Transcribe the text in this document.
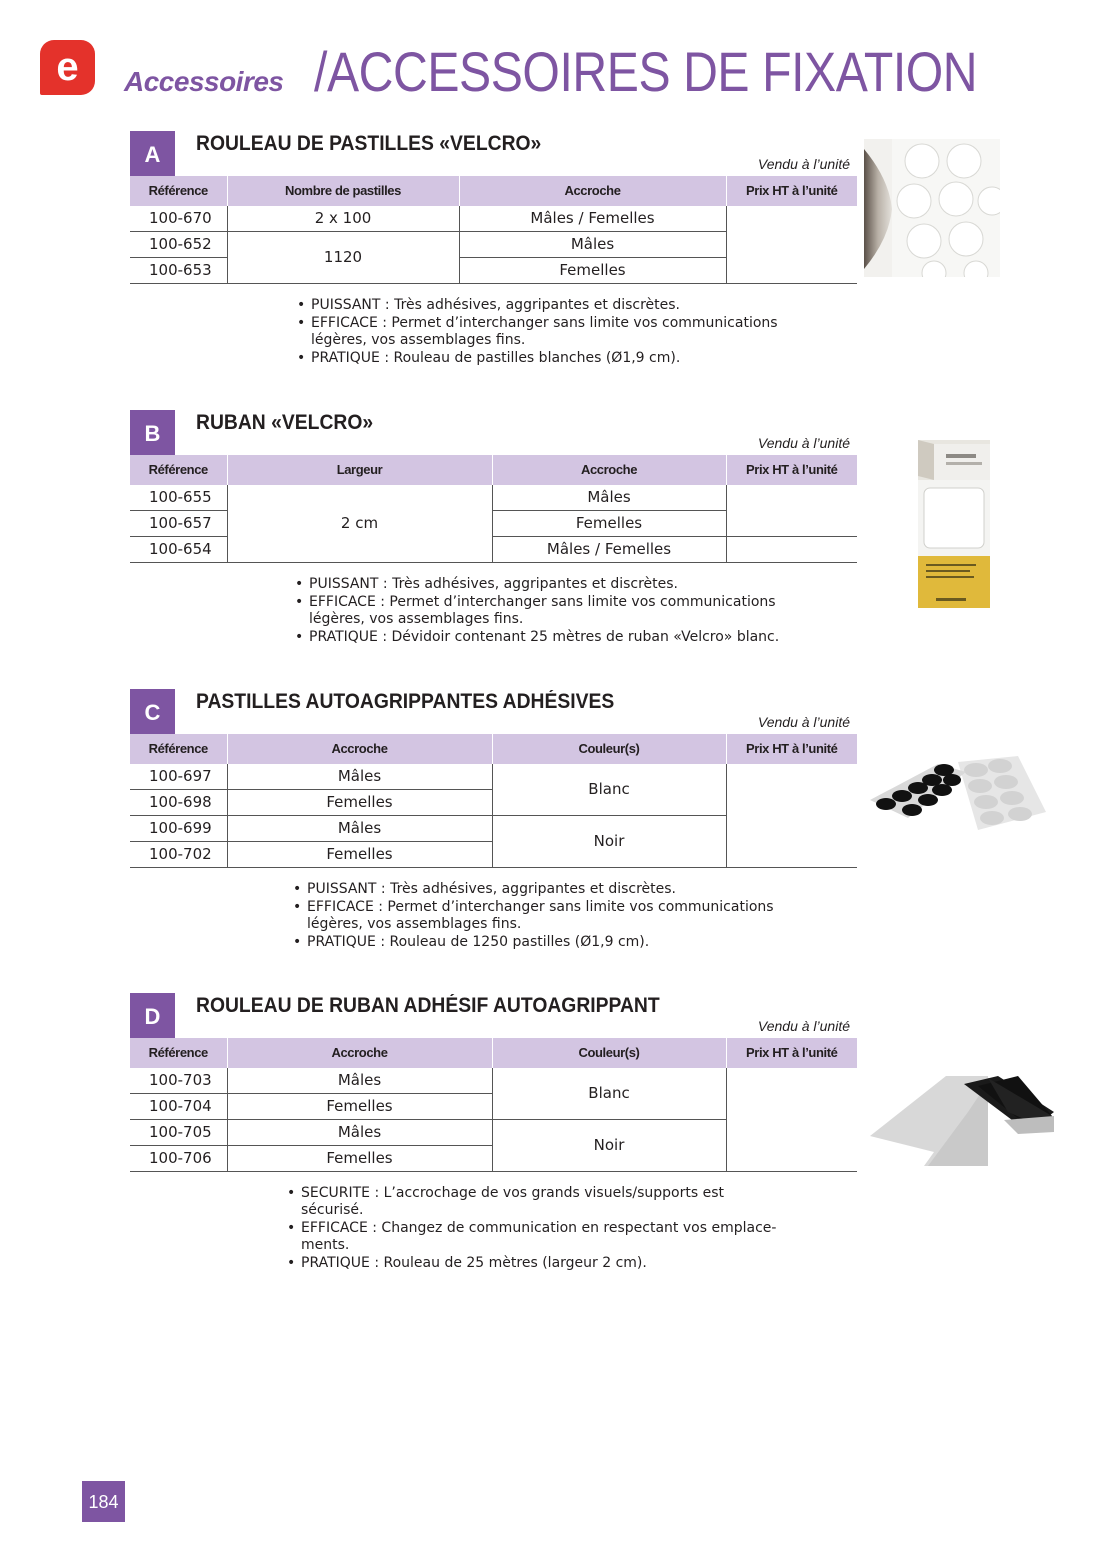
e	Accessoires /ACCESSOIRES DE FIXATION
A	ROULEAU DE PASTILLES «VELCRO»
Vendu à l’unité
Référence	Nombre de pastilles	Accroche	Prix HT à l’unité
100-670	2 x 100	Mâles / Femelles	
100-652	1120	Mâles	
100-653		Femelles	
• PUISSANT : Très adhésives, aggripantes et discrètes.
• EFFICACE : Permet d’interchanger sans limite vos communications légères, vos assemblages fins.
• PRATIQUE : Rouleau de pastilles blanches (Ø1,9 cm).
B	RUBAN «VELCRO»
Vendu à l’unité
Référence	Largeur	Accroche	Prix HT à l’unité
100-655	2 cm	Mâles	
100-657		Femelles	
100-654		Mâles / Femelles	
• PUISSANT : Très adhésives, aggripantes et discrètes.
• EFFICACE : Permet d’interchanger sans limite vos communications légères, vos assemblages fins.
• PRATIQUE : Dévidoir contenant 25 mètres de ruban «Velcro» blanc.
C	PASTILLES AUTOAGRIPPANTES ADHÉSIVES
Vendu à l’unité
Référence	Accroche	Couleur(s)	Prix HT à l’unité
100-697	Mâles	Blanc	
100-698	Femelles		
100-699	Mâles	Noir	
100-702	Femelles		
• PUISSANT : Très adhésives, aggripantes et discrètes.
• EFFICACE : Permet d’interchanger sans limite vos communications légères, vos assemblages fins.
• PRATIQUE : Rouleau de 1250 pastilles (Ø1,9 cm).
D	ROULEAU DE RUBAN ADHÉSIF AUTOAGRIPPANT
Vendu à l’unité
Référence	Accroche	Couleur(s)	Prix HT à l’unité
100-703	Mâles	Blanc	
100-704	Femelles		
100-705	Mâles	Noir	
100-706	Femelles		
• SECURITE : L’accrochage de vos grands visuels/supports est sécurisé.
• EFFICACE : Changez de communication en respectant vos emplace-ments.
• PRATIQUE : Rouleau de 25 mètres (largeur 2 cm).
184
